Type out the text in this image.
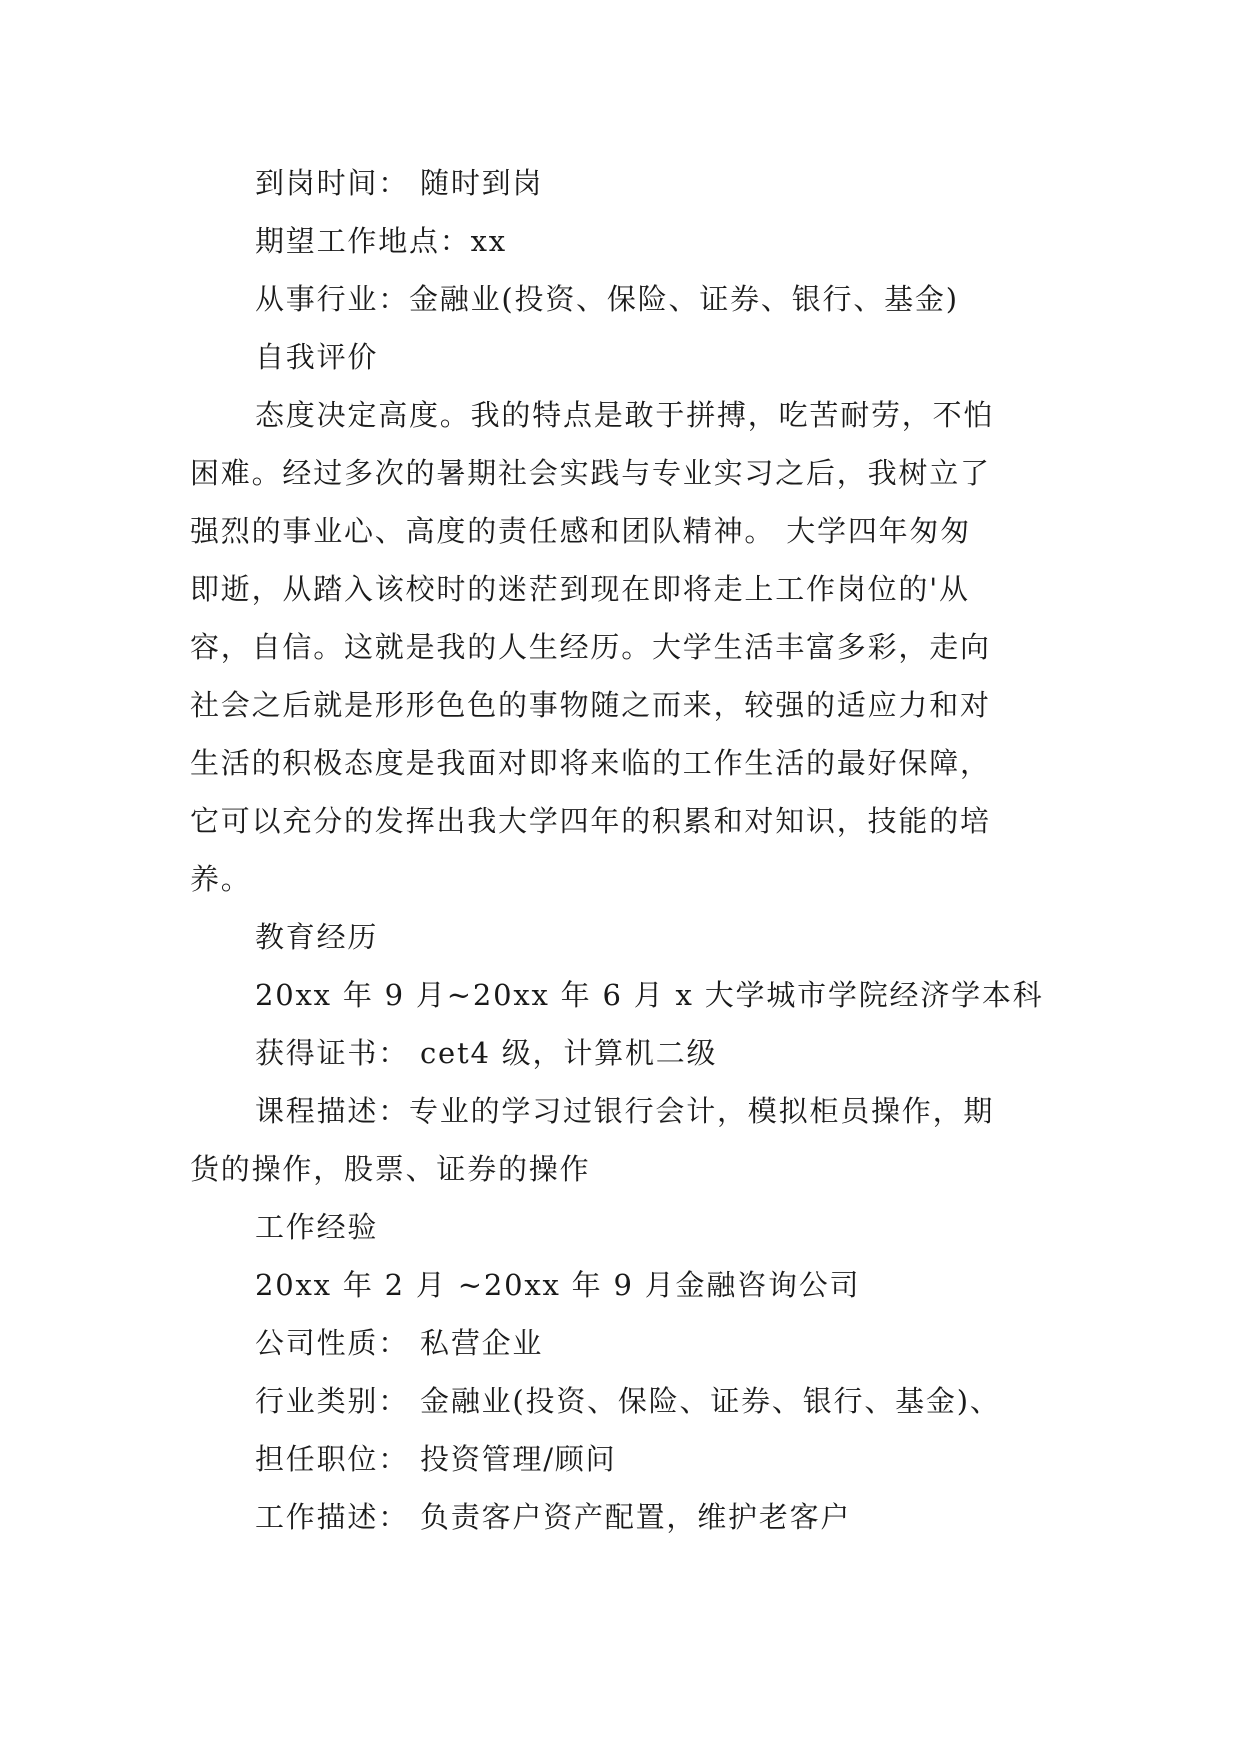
到岗时间： 随时到岗
期望工作地点：xx
从事行业：金融业(投资、保险、证券、银行、基金)
自我评价
态度决定高度。我的特点是敢于拼搏，吃苦耐劳，不怕
困难。经过多次的暑期社会实践与专业实习之后，我树立了
强烈的事业心、高度的责任感和团队精神。 大学四年匆匆
即逝，从踏入该校时的迷茫到现在即将走上工作岗位的'从
容，自信。这就是我的人生经历。大学生活丰富多彩，走向
社会之后就是形形色色的事物随之而来，较强的适应力和对
生活的积极态度是我面对即将来临的工作生活的最好保障，
它可以充分的发挥出我大学四年的积累和对知识，技能的培
养。
教育经历
20xx 年 9 月~20xx 年 6 月 x 大学城市学院经济学本科
获得证书： cet4 级，计算机二级
课程描述：专业的学习过银行会计，模拟柜员操作，期
货的操作，股票、证券的操作
工作经验
20xx 年 2 月 ~20xx 年 9 月金融咨询公司
公司性质： 私营企业
行业类别： 金融业(投资、保险、证券、银行、基金)、
担任职位： 投资管理/顾问
工作描述： 负责客户资产配置，维护老客户
